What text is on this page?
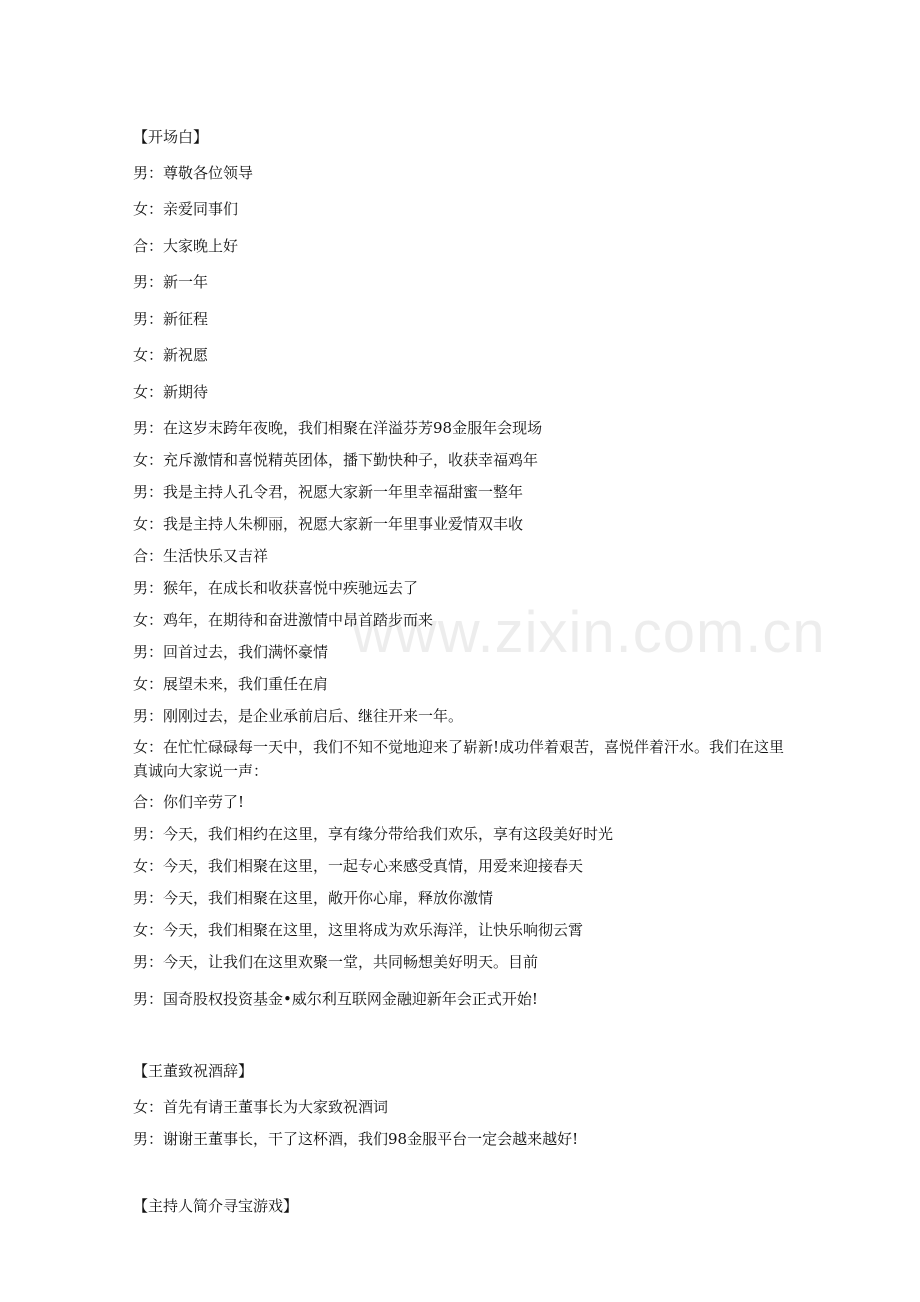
www.zixin.com.cn

【开场白】

男：尊敬各位领导

女：亲爱同事们

合：大家晚上好

男：新一年

男：新征程

女：新祝愿

女：新期待

男：在这岁末跨年夜晚，我们相聚在洋溢芬芳98金服年会现场

女：充斥激情和喜悦精英团体，播下勤快种子，收获幸福鸡年

男：我是主持人孔令君，祝愿大家新一年里幸福甜蜜一整年

女：我是主持人朱柳丽，祝愿大家新一年里事业爱情双丰收

合：生活快乐又吉祥

男：猴年，在成长和收获喜悦中疾驰远去了

女：鸡年，在期待和奋进激情中昂首踏步而来

男：回首过去，我们满怀豪情

女：展望未来，我们重任在肩

男：刚刚过去，是企业承前启后、继往开来一年。

女：在忙忙碌碌每一天中，我们不知不觉地迎来了崭新!成功伴着艰苦，喜悦伴着汗水。我们在这里真诚向大家说一声：

合：你们辛劳了!

男：今天，我们相约在这里，享有缘分带给我们欢乐，享有这段美好时光

女：今天，我们相聚在这里，一起专心来感受真情，用爱来迎接春天

男：今天，我们相聚在这里，敞开你心扉，释放你激情

女：今天，我们相聚在这里，这里将成为欢乐海洋，让快乐响彻云霄

男：今天，让我们在这里欢聚一堂，共同畅想美好明天。目前

男：国奇股权投资基金•威尔利互联网金融迎新年会正式开始!

【王董致祝酒辞】

女：首先有请王董事长为大家致祝酒词

男：谢谢王董事长，干了这杯酒，我们98金服平台一定会越来越好!

【主持人简介寻宝游戏】
